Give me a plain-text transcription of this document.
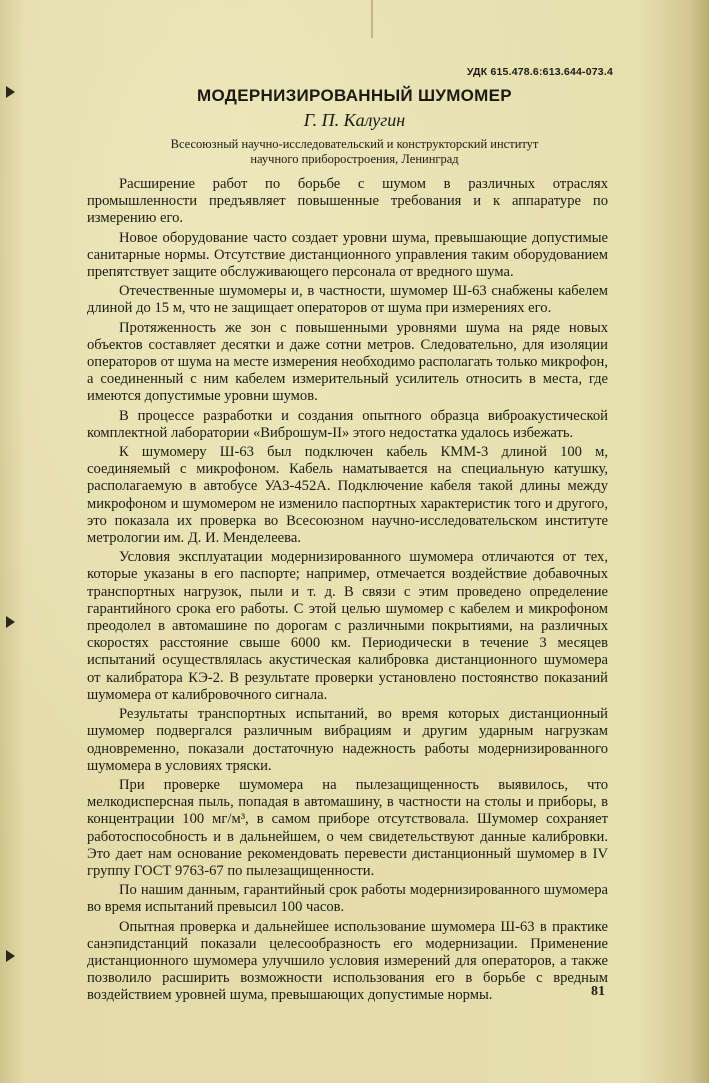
УДК 615.478.6:613.644-073.4
МОДЕРНИЗИРОВАННЫЙ ШУМОМЕР
Г. П. Калугин
Всесоюзный научно-исследовательский и конструкторский институт
научного приборостроения, Ленинград

Расширение работ по борьбе с шумом в различных отраслях промышленности предъявляет повышенные требования и к аппаратуре по измерению его.

Новое оборудование часто создает уровни шума, превышающие допустимые санитарные нормы. Отсутствие дистанционного управления таким оборудованием препятствует защите обслуживающего персонала от вредного шума.

Отечественные шумомеры и, в частности, шумомер Ш-63 снабжены кабелем длиной до 15 м, что не защищает операторов от шума при измерениях его.

Протяженность же зон с повышенными уровнями шума на ряде новых объектов составляет десятки и даже сотни метров. Следовательно, для изоляции операторов от шума на месте измерения необходимо располагать только микрофон, а соединенный с ним кабелем измерительный усилитель относить в места, где имеются допустимые уровни шумов.

В процессе разработки и создания опытного образца виброакустической комплектной лаборатории «Виброшум-II» этого недостатка удалось избежать.

К шумомеру Ш-63 был подключен кабель КММ-3 длиной 100 м, соединяемый с микрофоном. Кабель наматывается на специальную катушку, располагаемую в автобусе УАЗ-452А. Подключение кабеля такой длины между микрофоном и шумомером не изменило паспортных характеристик того и другого, это показала их проверка во Всесоюзном научно-исследовательском институте метрологии им. Д. И. Менделеева.

Условия эксплуатации модернизированного шумомера отличаются от тех, которые указаны в его паспорте; например, отмечается воздействие добавочных транспортных нагрузок, пыли и т. д. В связи с этим проведено определение гарантийного срока его работы. С этой целью шумомер с кабелем и микрофоном преодолел в автомашине по дорогам с различными покрытиями, на различных скоростях расстояние свыше 6000 км. Периодически в течение 3 месяцев испытаний осуществлялась акустическая калибровка дистанционного шумомера от калибратора КЭ-2. В результате проверки установлено постоянство показаний шумомера от калибровочного сигнала.

Результаты транспортных испытаний, во время которых дистанционный шумомер подвергался различным вибрациям и другим ударным нагрузкам одновременно, показали достаточную надежность работы модернизированного шумомера в условиях тряски.

При проверке шумомера на пылезащищенность выявилось, что мелкодисперсная пыль, попадая в автомашину, в частности на столы и приборы, в концентрации 100 мг/м³, в самом приборе отсутствовала. Шумомер сохраняет работоспособность и в дальнейшем, о чем свидетельствуют данные калибровки. Это дает нам основание рекомендовать перевести дистанционный шумомер в IV группу ГОСТ 9763-67 по пылезащищенности.

По нашим данным, гарантийный срок работы модернизированного шумомера во время испытаний превысил 100 часов.

Опытная проверка и дальнейшее использование шумомера Ш-63 в практике санэпидстанций показали целесообразность его модернизации. Применение дистанционного шумомера улучшило условия измерений для операторов, а также позволило расширить возможности использования его в борьбе с вредным воздействием уровней шума, превышающих допустимые нормы.	81
